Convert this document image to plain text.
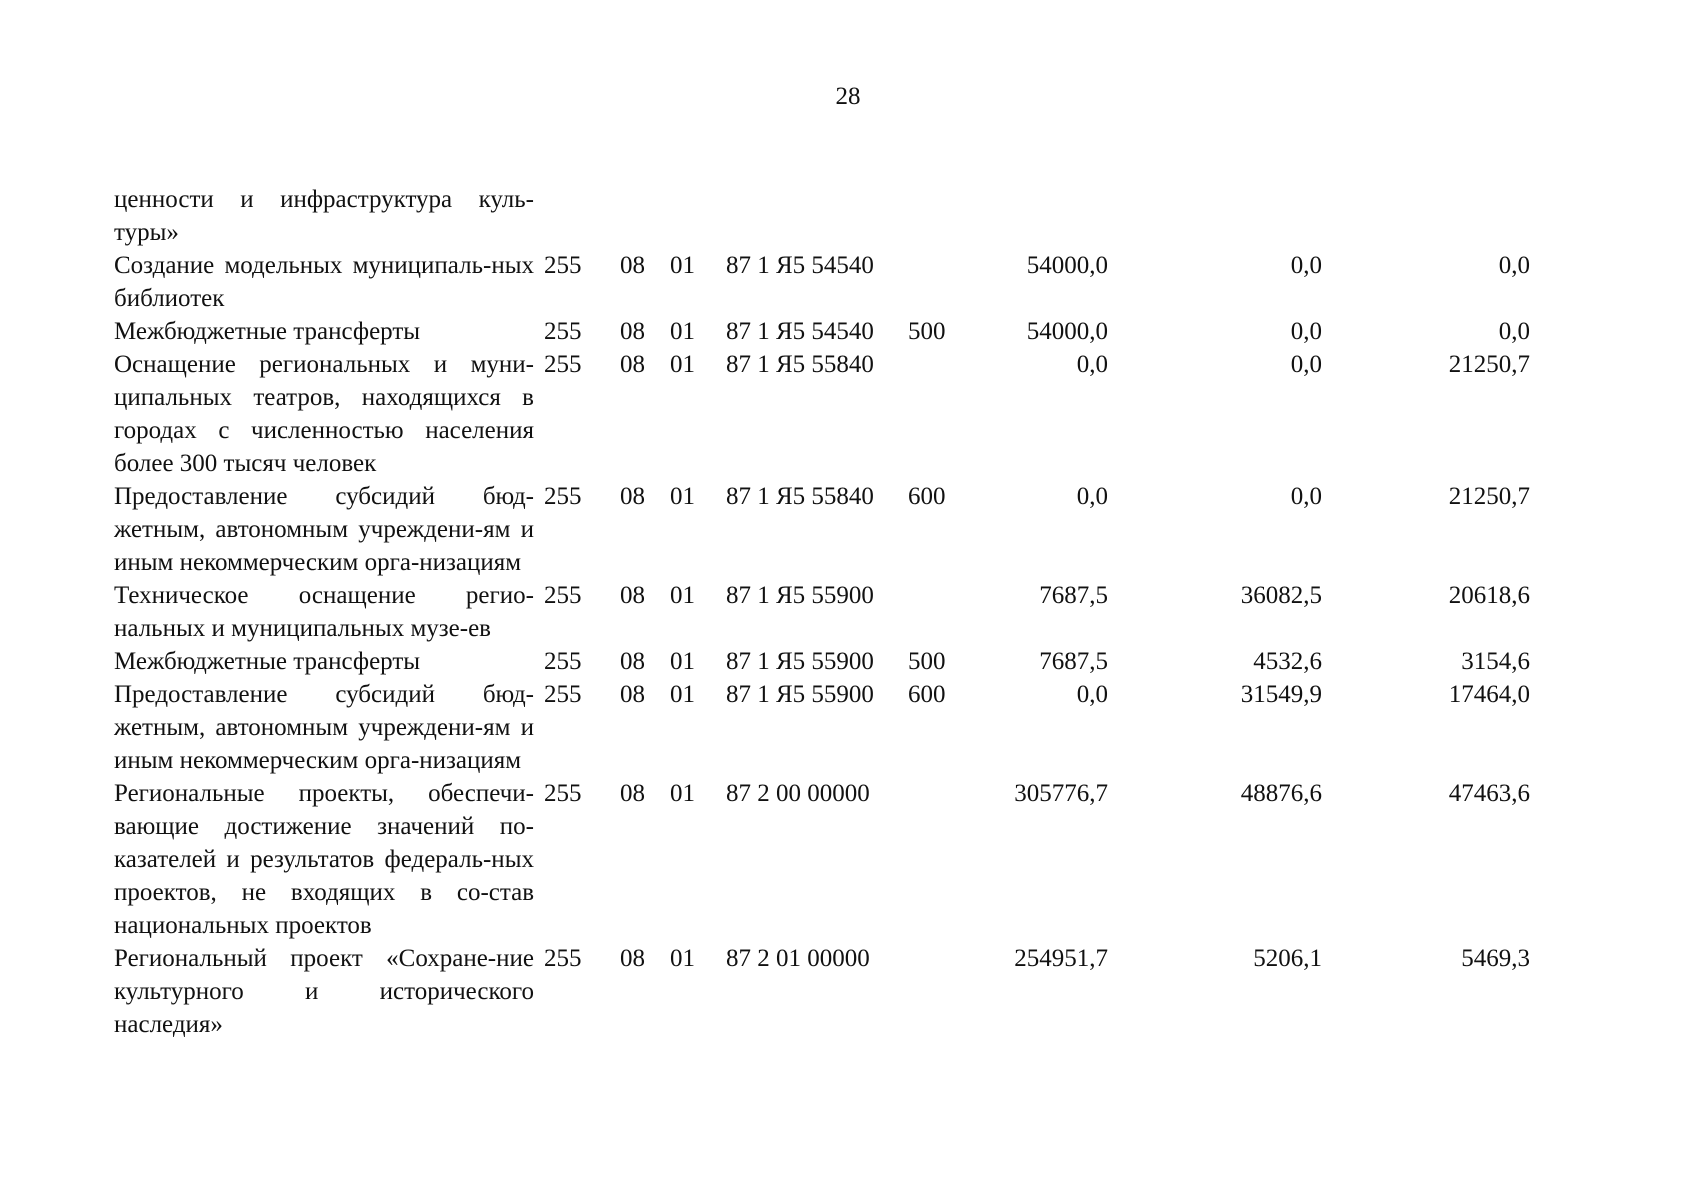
28
ценности и инфраструктура куль-туры»								

Создание модельных муниципаль-ных библиотек	255	08	01	87 1 Я5 54540		54000,0	0,0	0,0

Межбюджетные трансферты	255	08	01	87 1 Я5 54540	500	54000,0	0,0	0,0

Оснащение региональных и муни-ципальных театров, находящихся в городах с численностью населения более 300 тысяч человек	255	08	01	87 1 Я5 55840		0,0	0,0	21250,7

Предоставление субсидий бюд-жетным, автономным учреждени-ям и иным некоммерческим орга-низациям	255	08	01	87 1 Я5 55840	600	0,0	0,0	21250,7

Техническое оснащение регио-нальных и муниципальных музе-ев	255	08	01	87 1 Я5 55900		7687,5	36082,5	20618,6

Межбюджетные трансферты	255	08	01	87 1 Я5 55900	500	7687,5	4532,6	3154,6

Предоставление субсидий бюд-жетным, автономным учреждени-ям и иным некоммерческим орга-низациям	255	08	01	87 1 Я5 55900	600	0,0	31549,9	17464,0

Региональные проекты, обеспечи-вающие достижение значений по-казателей и результатов федераль-ных проектов, не входящих в со-став национальных проектов	255	08	01	87 2 00 00000		305776,7	48876,6	47463,6

Региональный проект «Сохране-ние культурного и исторического наследия»	255	08	01	87 2 01 00000		254951,7	5206,1	5469,3
